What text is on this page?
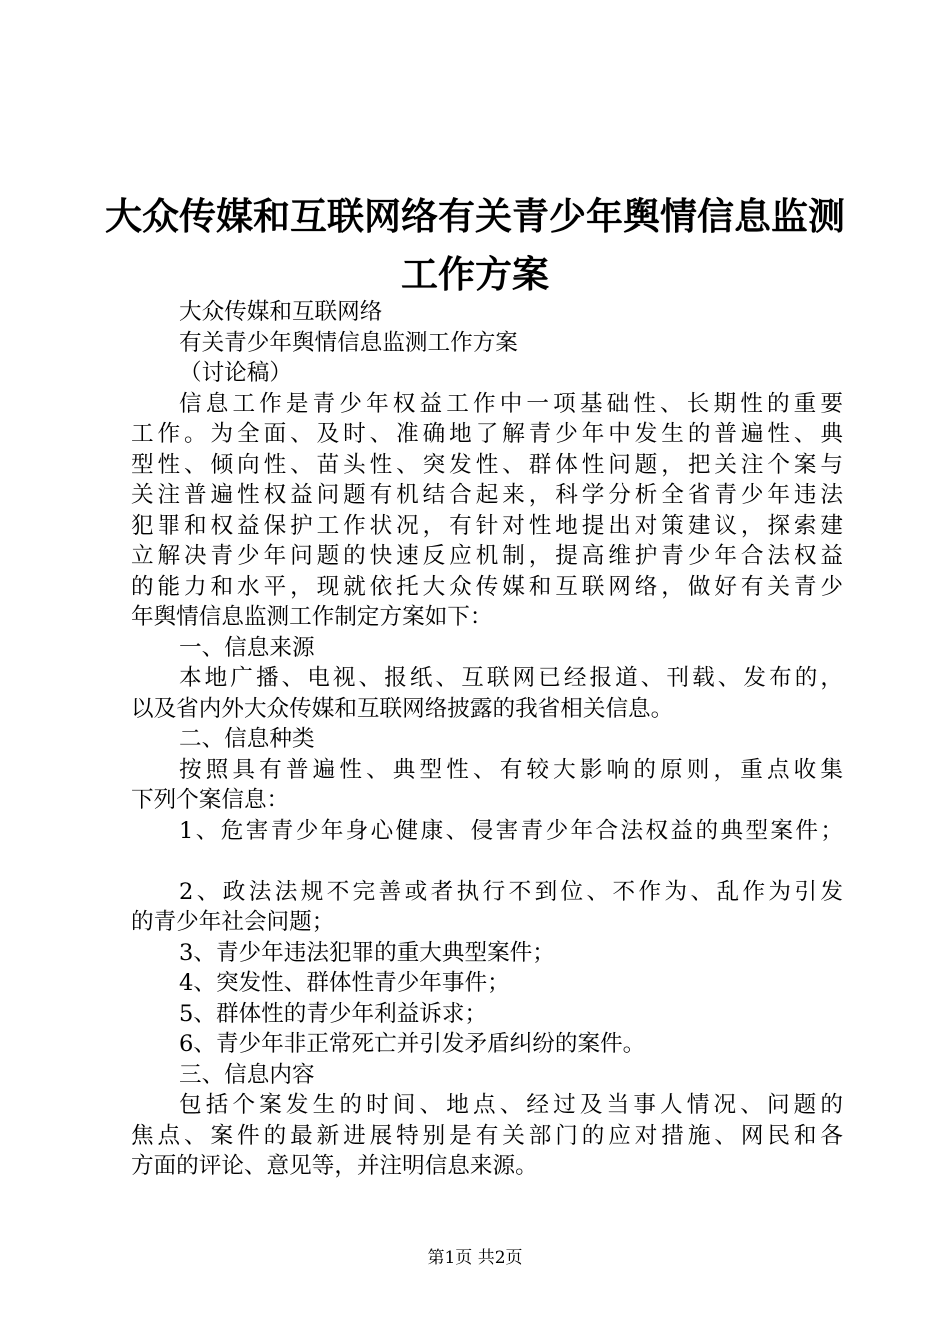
大众传媒和互联网络有关青少年舆情信息监测
工作方案
大众传媒和互联网络
有关青少年舆情信息监测工作方案
（讨论稿）
信息工作是青少年权益工作中一项基础性、长期性的重要
工作。为全面、及时、准确地了解青少年中发生的普遍性、典
型性、倾向性、苗头性、突发性、群体性问题，把关注个案与
关注普遍性权益问题有机结合起来，科学分析全省青少年违法
犯罪和权益保护工作状况，有针对性地提出对策建议，探索建
立解决青少年问题的快速反应机制，提高维护青少年合法权益
的能力和水平，现就依托大众传媒和互联网络，做好有关青少
年舆情信息监测工作制定方案如下：
一、信息来源
本地广播、电视、报纸、互联网已经报道、刊载、发布的，
以及省内外大众传媒和互联网络披露的我省相关信息。
二、信息种类
按照具有普遍性、典型性、有较大影响的原则，重点收集
下列个案信息：
1、危害青少年身心健康、侵害青少年合法权益的典型案件；
2、政法法规不完善或者执行不到位、不作为、乱作为引发
的青少年社会问题；
3、青少年违法犯罪的重大典型案件；
4、突发性、群体性青少年事件；
5、群体性的青少年利益诉求；
6、青少年非正常死亡并引发矛盾纠纷的案件。
三、信息内容
包括个案发生的时间、地点、经过及当事人情况、问题的
焦点、案件的最新进展特别是有关部门的应对措施、网民和各
方面的评论、意见等，并注明信息来源。
第1页 共2页
